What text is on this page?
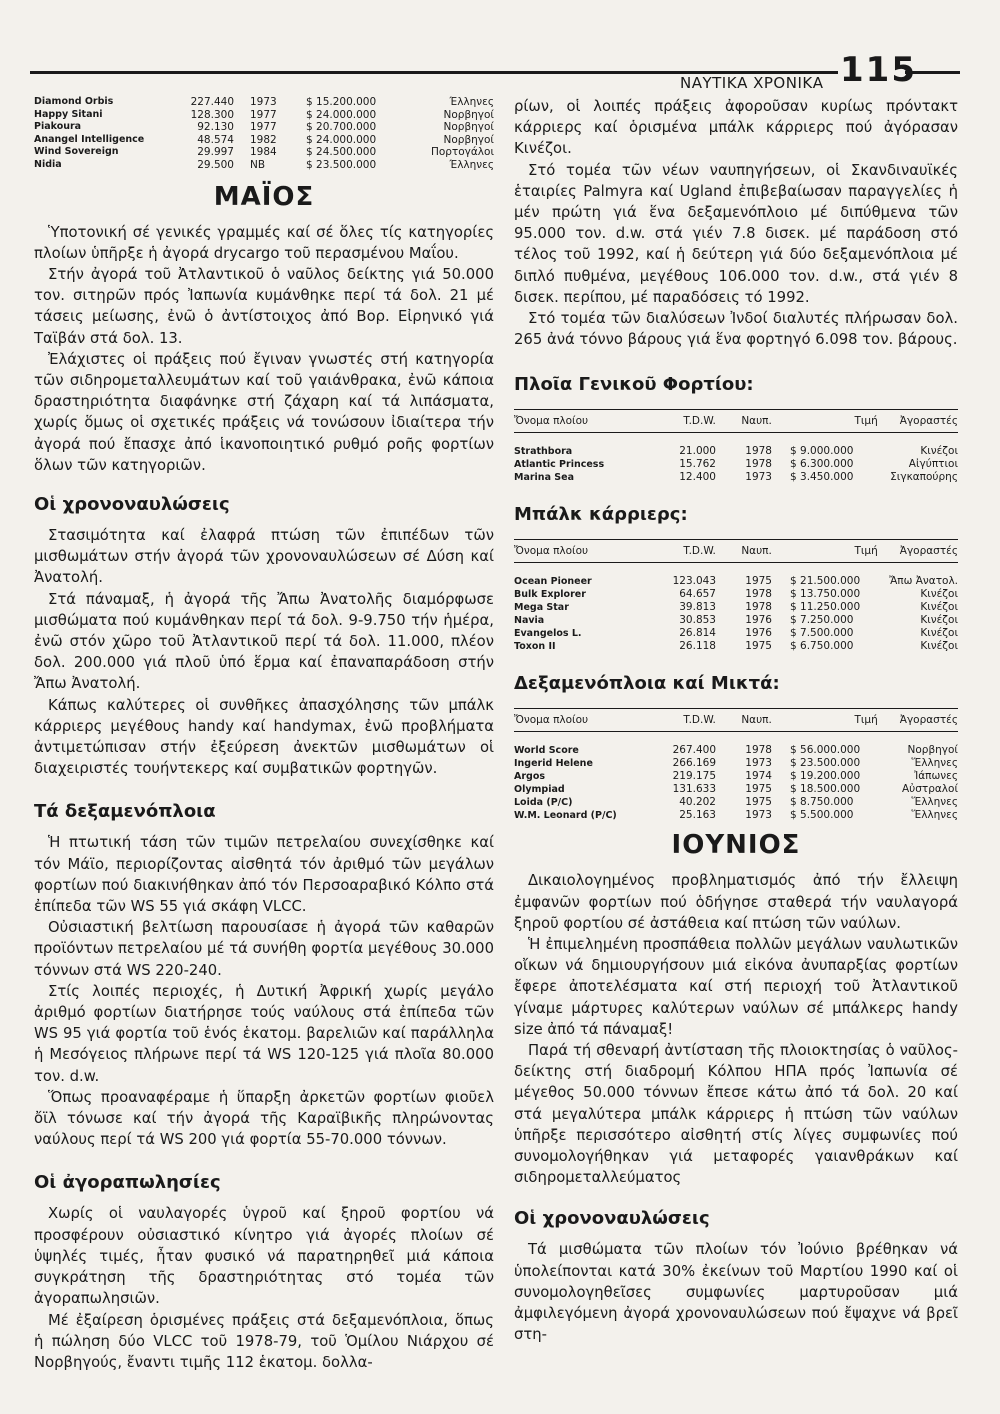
ΝΑΥΤΙΚΑ ΧΡΟΝΙΚΑ 115
Diamond Orbis	227.440	1973	$ 15.200.000	Έλληνες
Happy Sitani	128.300	1977	$ 24.000.000	Νορβηγοί
Piakoura	92.130	1977	$ 20.700.000	Νορβηγοί
Anangel Intelligence	48.574	1982	$ 24.000.000	Νορβηγοί
Wind Sovereign	29.997	1984	$ 24.500.000	Πορτογάλοι
Nidia	29.500	NB	$ 23.500.000	Έλληνες
ΜΑΪΟΣ

Ὑποτονική σέ γενικές γραμμές καί σέ ὅλες τίς κατηγορίες πλοίων ὑπῆρξε ἡ ἀγορά drycargo τοῦ περασμένου Μαΐου.

Στήν ἀγορά τοῦ Ἀτλαντικοῦ ὁ ναῦλος δείκτης γιά 50.000 τον. σιτηρῶν πρός Ἰαπωνία κυμάνθηκε περί τά δολ. 21 μέ τάσεις μείωσης, ἐνῶ ὁ ἀντίστοιχος ἀπό Βορ. Εἰρηνικό γιά Ταϊβάν στά δολ. 13.

Ἐλάχιστες οἱ πράξεις πού ἔγιναν γνωστές στή κατηγορία τῶν σιδηρομεταλλευμάτων καί τοῦ γαιάνθρακα, ἐνῶ κάποια δραστηριότητα διαφάνηκε στή ζάχαρη καί τά λιπάσματα, χωρίς ὅμως οἱ σχετικές πράξεις νά τονώσουν ἰδιαίτερα τήν ἀγορά πού ἔπασχε ἀπό ἱκανοποιητικό ρυθμό ροῆς φορτίων ὅλων τῶν κατηγοριῶν.

Οἱ χρονοναυλώσεις

Στασιμότητα καί ἐλαφρά πτώση τῶν ἐπιπέδων τῶν μισθωμάτων στήν ἀγορά τῶν χρονοναυλώσεων σέ Δύση καί Ἀνατολή.

Στά πάναμαξ, ἡ ἀγορά τῆς Ἄπω Ἀνατολῆς διαμόρφωσε μισθώματα πού κυμάνθηκαν περί τά δολ. 9-9.750 τήν ἡμέρα, ἐνῶ στόν χῶρο τοῦ Ἀτλαντικοῦ περί τά δολ. 11.000, πλέον δολ. 200.000 γιά πλοῦ ὑπό ἕρμα καί ἐπαναπαράδοση στήν Ἄπω Ἀνατολή.

Κάπως καλύτερες οἱ συνθῆκες ἀπασχόλησης τῶν μπάλκ κάρριερς μεγέθους handy καί handymax, ἐνῶ προβλήματα ἀντιμετώπισαν στήν ἐξεύρεση ἀνεκτῶν μισθωμάτων οἱ διαχειριστές τουήντεκερς καί συμβατικῶν φορτηγῶν.

Τά δεξαμενόπλοια

Ἡ πτωτική τάση τῶν τιμῶν πετρελαίου συνεχίσθηκε καί τόν Μάϊο, περιορίζοντας αἰσθητά τόν ἀριθμό τῶν μεγάλων φορτίων πού διακινήθηκαν ἀπό τόν Περσοαραβικό Κόλπο στά ἐπίπεδα τῶν WS 55 γιά σκάφη VLCC.

Οὐσιαστική βελτίωση παρουσίασε ἡ ἀγορά τῶν καθαρῶν προϊόντων πετρελαίου μέ τά συνήθη φορτία μεγέθους 30.000 τόννων στά WS 220-240.

Στίς λοιπές περιοχές, ἡ Δυτική Ἀφρική χωρίς μεγάλο ἀριθμό φορτίων διατήρησε τούς ναύλους στά ἐπίπεδα τῶν WS 95 γιά φορτία τοῦ ἑνός ἑκατομ. βαρελιῶν καί παράλληλα ἡ Μεσόγειος πλήρωνε περί τά WS 120-125 γιά πλοῖα 80.000 τον. d.w.

Ὅπως προαναφέραμε ἡ ὕπαρξη ἀρκετῶν φορτίων φιοῦελ ὄϊλ τόνωσε καί τήν ἀγορά τῆς Καραϊβικῆς πληρώνοντας ναύλους περί τά WS 200 γιά φορτία 55-70.000 τόννων.

Οἱ ἀγοραπωλησίες

Χωρίς οἱ ναυλαγορές ὑγροῦ καί ξηροῦ φορτίου νά προσφέρουν οὐσιαστικό κίνητρο γιά ἀγορές πλοίων σέ ὑψηλές τιμές, ἦταν φυσικό νά παρατηρηθεῖ μιά κάποια συγκράτηση τῆς δραστηριότητας στό τομέα τῶν ἀγοραπωλησιῶν.

Μέ ἐξαίρεση ὁρισμένες πράξεις στά δεξαμενόπλοια, ὅπως ἡ πώληση δύο VLCC τοῦ 1978-79, τοῦ Ὁμίλου Νιάρχου σέ Νορβηγούς, ἔναντι τιμῆς 112 ἑκατομ. δολλα-

ρίων, οἱ λοιπές πράξεις ἀφοροῦσαν κυρίως πρόντακτ κάρριερς καί ὁρισμένα μπάλκ κάρριερς πού ἀγόρασαν Κινέζοι.

Στό τομέα τῶν νέων ναυπηγήσεων, οἱ Σκανδιναυϊκές ἑταιρίες Palmyra καί Ugland ἐπιβεβαίωσαν παραγγελίες ἡ μέν πρώτη γιά ἕνα δεξαμενόπλοιο μέ διπύθμενα τῶν 95.000 τον. d.w. στά γιέν 7.8 δισεκ. μέ παράδοση στό τέλος τοῦ 1992, καί ἡ δεύτερη γιά δύο δεξαμενόπλοια μέ διπλό πυθμένα, μεγέθους 106.000 τον. d.w., στά γιέν 8 δισεκ. περίπου, μέ παραδόσεις τό 1992.

Στό τομέα τῶν διαλύσεων Ἰνδοί διαλυτές πλήρωσαν δολ. 265 ἀνά τόννο βάρους γιά ἕνα φορτηγό 6.098 τον. βάρους.

Πλοῖα Γενικοῦ Φορτίου:
Ὄνομα πλοίου	T.D.W.	Ναυπ.	Τιμή	Ἀγοραστές
Strathbora	21.000	1978	$ 9.000.000	Κινέζοι
Atlantic Princess	15.762	1978	$ 6.300.000	Αἰγύπτιοι
Marina Sea	12.400	1973	$ 3.450.000	Σιγκαπούρης
Μπάλκ κάρριερς:
Ὄνομα πλοίου	T.D.W.	Ναυπ.	Τιμή	Ἀγοραστές
Ocean Pioneer	123.043	1975	$ 21.500.000	Ἄπω Ἀνατολ.
Bulk Explorer	64.657	1978	$ 13.750.000	Κινέζοι
Mega Star	39.813	1978	$ 11.250.000	Κινέζοι
Navia	30.853	1976	$ 7.250.000	Κινέζοι
Evangelos L.	26.814	1976	$ 7.500.000	Κινέζοι
Toxon II	26.118	1975	$ 6.750.000	Κινέζοι
Δεξαμενόπλοια καί Μικτά:
Ὄνομα πλοίου	T.D.W.	Ναυπ.	Τιμή	Ἀγοραστές
World Score	267.400	1978	$ 56.000.000	Νορβηγοί
Ingerid Helene	266.169	1973	$ 23.500.000	Ἕλληνες
Argos	219.175	1974	$ 19.200.000	Ἰάπωνες
Olympiad	131.633	1975	$ 18.500.000	Αὐστραλοί
Loida (P/C)	40.202	1975	$ 8.750.000	Ἕλληνες
W.M. Leonard (P/C)	25.163	1973	$ 5.500.000	Ἕλληνες
ΙΟΥΝΙΟΣ

Δικαιολογημένος προβληματισμός ἀπό τήν ἔλλειψη ἐμφανῶν φορτίων πού ὁδήγησε σταθερά τήν ναυλαγορά ξηροῦ φορτίου σέ ἀστάθεια καί πτώση τῶν ναύλων.

Ἡ ἐπιμελημένη προσπάθεια πολλῶν μεγάλων ναυλωτικῶν οἴκων νά δημιουργήσουν μιά εἰκόνα ἀνυπαρξίας φορτίων ἔφερε ἀποτελέσματα καί στή περιοχή τοῦ Ἀτλαντικοῦ γίναμε μάρτυρες καλύτερων ναύλων σέ μπάλκερς handy size ἀπό τά πάναμαξ!

Παρά τή σθεναρή ἀντίσταση τῆς πλοιοκτησίας ὁ ναῦλος- δείκτης στή διαδρομή Κόλπου ΗΠΑ πρός Ἰαπωνία σέ μέγεθος 50.000 τόννων ἔπεσε κάτω ἀπό τά δολ. 20 καί στά μεγαλύτερα μπάλκ κάρριερς ἡ πτώση τῶν ναύλων ὑπῆρξε περισσότερο αἰσθητή στίς λίγες συμφωνίες πού συνομολογήθηκαν γιά μεταφορές γαιανθράκων καί σιδηρομεταλλεύματος

Οἱ χρονοναυλώσεις

Τά μισθώματα τῶν πλοίων τόν Ἰούνιο βρέθηκαν νά ὑπολείπονται κατά 30% ἐκείνων τοῦ Μαρτίου 1990 καί οἱ συνομολογηθεῖσες συμφωνίες μαρτυροῦσαν μιά ἀμφιλεγόμενη ἀγορά χρονοναυλώσεων πού ἔψαχνε νά βρεῖ στη-
